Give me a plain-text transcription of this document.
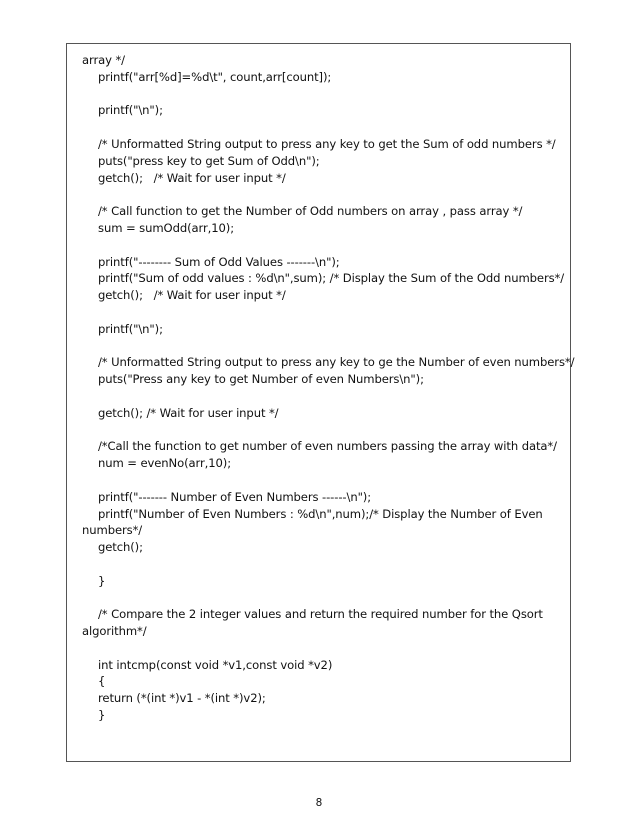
array */
printf("arr[%d]=%d\t", count,arr[count]);
printf("\n");
/* Unformatted String output to press any key to get the Sum of odd numbers */
puts("press key to get Sum of Odd\n");
getch();   /* Wait for user input */
/* Call function to get the Number of Odd numbers on array , pass array */
sum = sumOdd(arr,10);
printf("-------- Sum of Odd Values -------\n");
printf("Sum of odd values : %d\n",sum); /* Display the Sum of the Odd numbers*/
getch();   /* Wait for user input */
printf("\n");
/* Unformatted String output to press any key to ge the Number of even numbers*/
puts("Press any key to get Number of even Numbers\n");
getch(); /* Wait for user input */
/*Call the function to get number of even numbers passing the array with data*/
num = evenNo(arr,10);
printf("------- Number of Even Numbers ------\n");
printf("Number of Even Numbers : %d\n",num);/* Display the Number of Even
numbers*/
getch();
}
/* Compare the 2 integer values and return the required number for the Qsort
algorithm*/
int intcmp(const void *v1,const void *v2)
{
return (*(int *)v1 - *(int *)v2);
}
8
